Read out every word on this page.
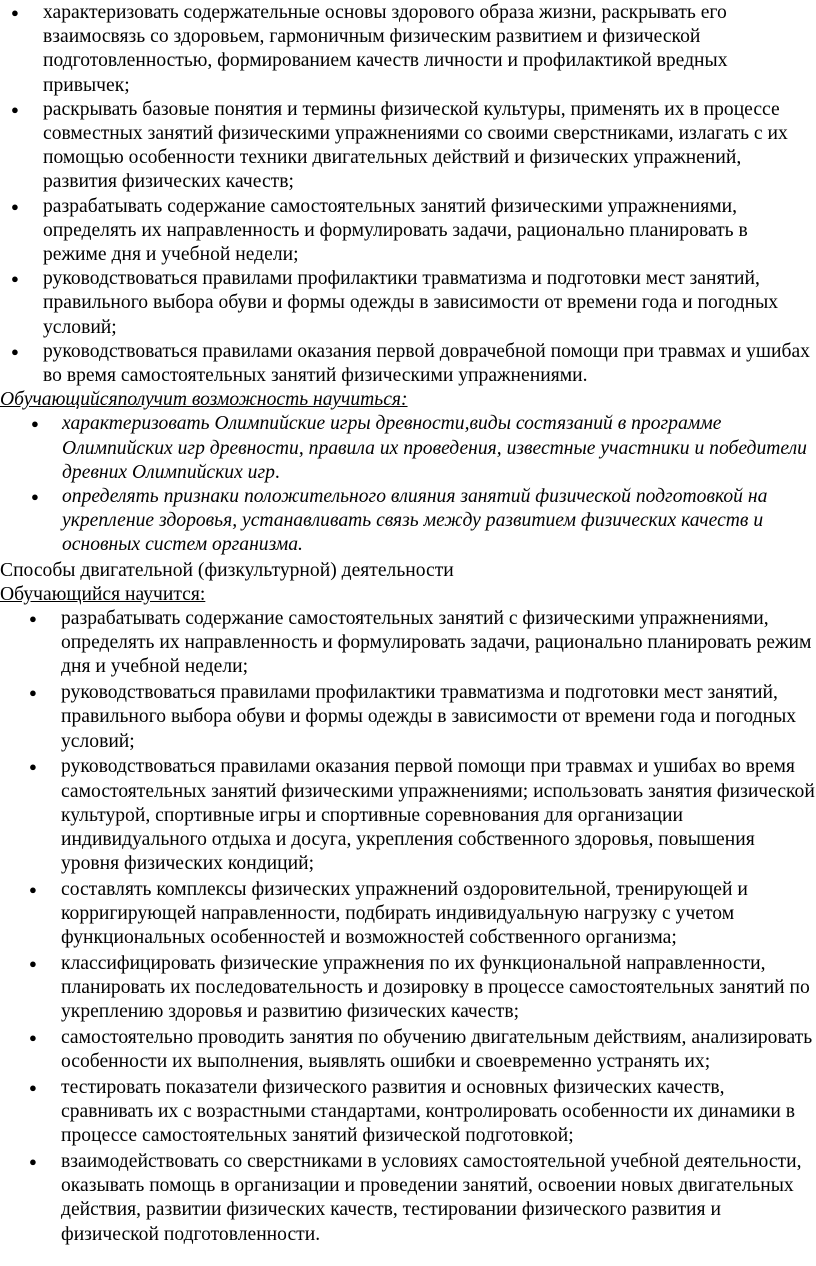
● характеризовать содержательные основы здорового образа жизни, раскрывать его взаимосвязь со здоровьем, гармоничным физическим развитием и физической подготовленностью, формированием качеств личности и профилактикой вредных привычек;
● раскрывать базовые понятия и термины физической культуры, применять их в процессе совместных занятий физическими упражнениями со своими сверстниками, излагать с их помощью особенности техники двигательных действий и физических упражнений, развития физических качеств;
● разрабатывать содержание самостоятельных занятий физическими упражнениями, определять их направленность и формулировать задачи, рационально планировать в режиме дня и учебной недели;
● руководствоваться правилами профилактики травматизма и подготовки мест занятий, правильного выбора обуви и формы одежды в зависимости от времени года и погодных условий;
● руководствоваться правилами оказания первой доврачебной помощи при травмах и ушибах во время самостоятельных занятий физическими упражнениями.
Обучающийсяполучит возможность научиться:
● характеризовать Олимпийские игры древности,виды состязаний в программе Олимпийских игр древности, правила их проведения, известные участники и победители древних Олимпийских игр.
● определять признаки положительного влияния занятий физической подготовкой на укрепление здоровья, устанавливать связь между развитием физических качеств и основных систем организма.
Способы двигательной (физкультурной) деятельности
Обучающийся научится:
● разрабатывать содержание самостоятельных занятий с физическими упражнениями, определять их направленность и формулировать задачи, рационально планировать режим дня и учебной недели;
● руководствоваться правилами профилактики травматизма и подготовки мест занятий, правильного выбора обуви и формы одежды в зависимости от времени года и погодных условий;
● руководствоваться правилами оказания первой помощи при травмах и ушибах во время самостоятельных занятий физическими упражнениями; использовать занятия физической культурой, спортивные игры и спортивные соревнования для организации индивидуального отдыха и досуга, укрепления собственного здоровья, повышения уровня физических кондиций;
● составлять комплексы физических упражнений оздоровительной, тренирующей и корригирующей направленности, подбирать индивидуальную нагрузку с учетом функциональных особенностей и возможностей собственного организма;
● классифицировать физические упражнения по их функциональной направленности, планировать их последовательность и дозировку в процессе самостоятельных занятий по укреплению здоровья и развитию физических качеств;
● самостоятельно проводить занятия по обучению двигательным действиям, анализировать особенности их выполнения, выявлять ошибки и своевременно устранять их;
● тестировать показатели физического развития и основных физических качеств, сравнивать их с возрастными стандартами, контролировать особенности их динамики в процессе самостоятельных занятий физической подготовкой;
● взаимодействовать со сверстниками в условиях самостоятельной учебной деятельности, оказывать помощь в организации и проведении занятий, освоении новых двигательных действия, развитии физических качеств, тестировании физического развития и физической подготовленности.
